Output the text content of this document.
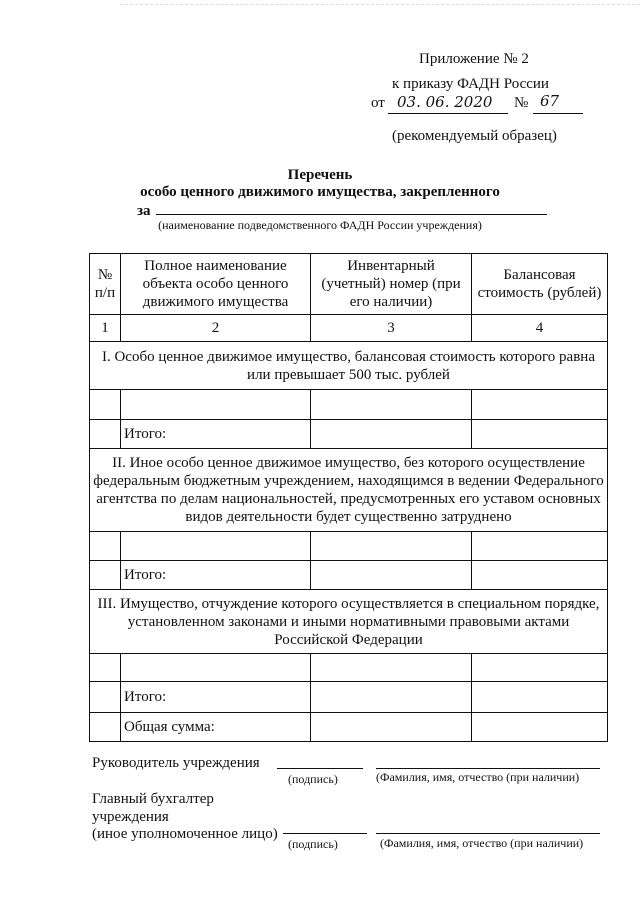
Приложение № 2
к приказу ФАДН России
от 03. 06. 2020 № 67
(рекомендуемый образец)
Перечень
особо ценного движимого имущества, закрепленного
за
(наименование подведомственного ФАДН России учреждения)
№ п/п	Полное наименование объекта особо ценного движимого имущества	Инвентарный (учетный) номер (при его наличии)	Балансовая стоимость (рублей)
1	2	3	4
I. Особо ценное движимое имущество, балансовая стоимость которого равна или превышает 500 тыс. рублей			

	Итого:		
II. Иное особо ценное движимое имущество, без которого осуществление федеральным бюджетным учреждением, находящимся в ведении Федерального агентства по делам национальностей, предусмотренных его уставом основных видов деятельности будет существенно затруднено			

	Итого:		
III. Имущество, отчуждение которого осуществляется в специальном порядке, установленном законами и иными нормативными правовыми актами Российской Федерации			

	Итого:		
	Общая сумма:		
Руководитель учреждения
(подпись)	(Фамилия, имя, отчество (при наличии)
Главный бухгалтер
учреждения
(иное уполномоченное лицо)
(подпись)	(Фамилия, имя, отчество (при наличии)
